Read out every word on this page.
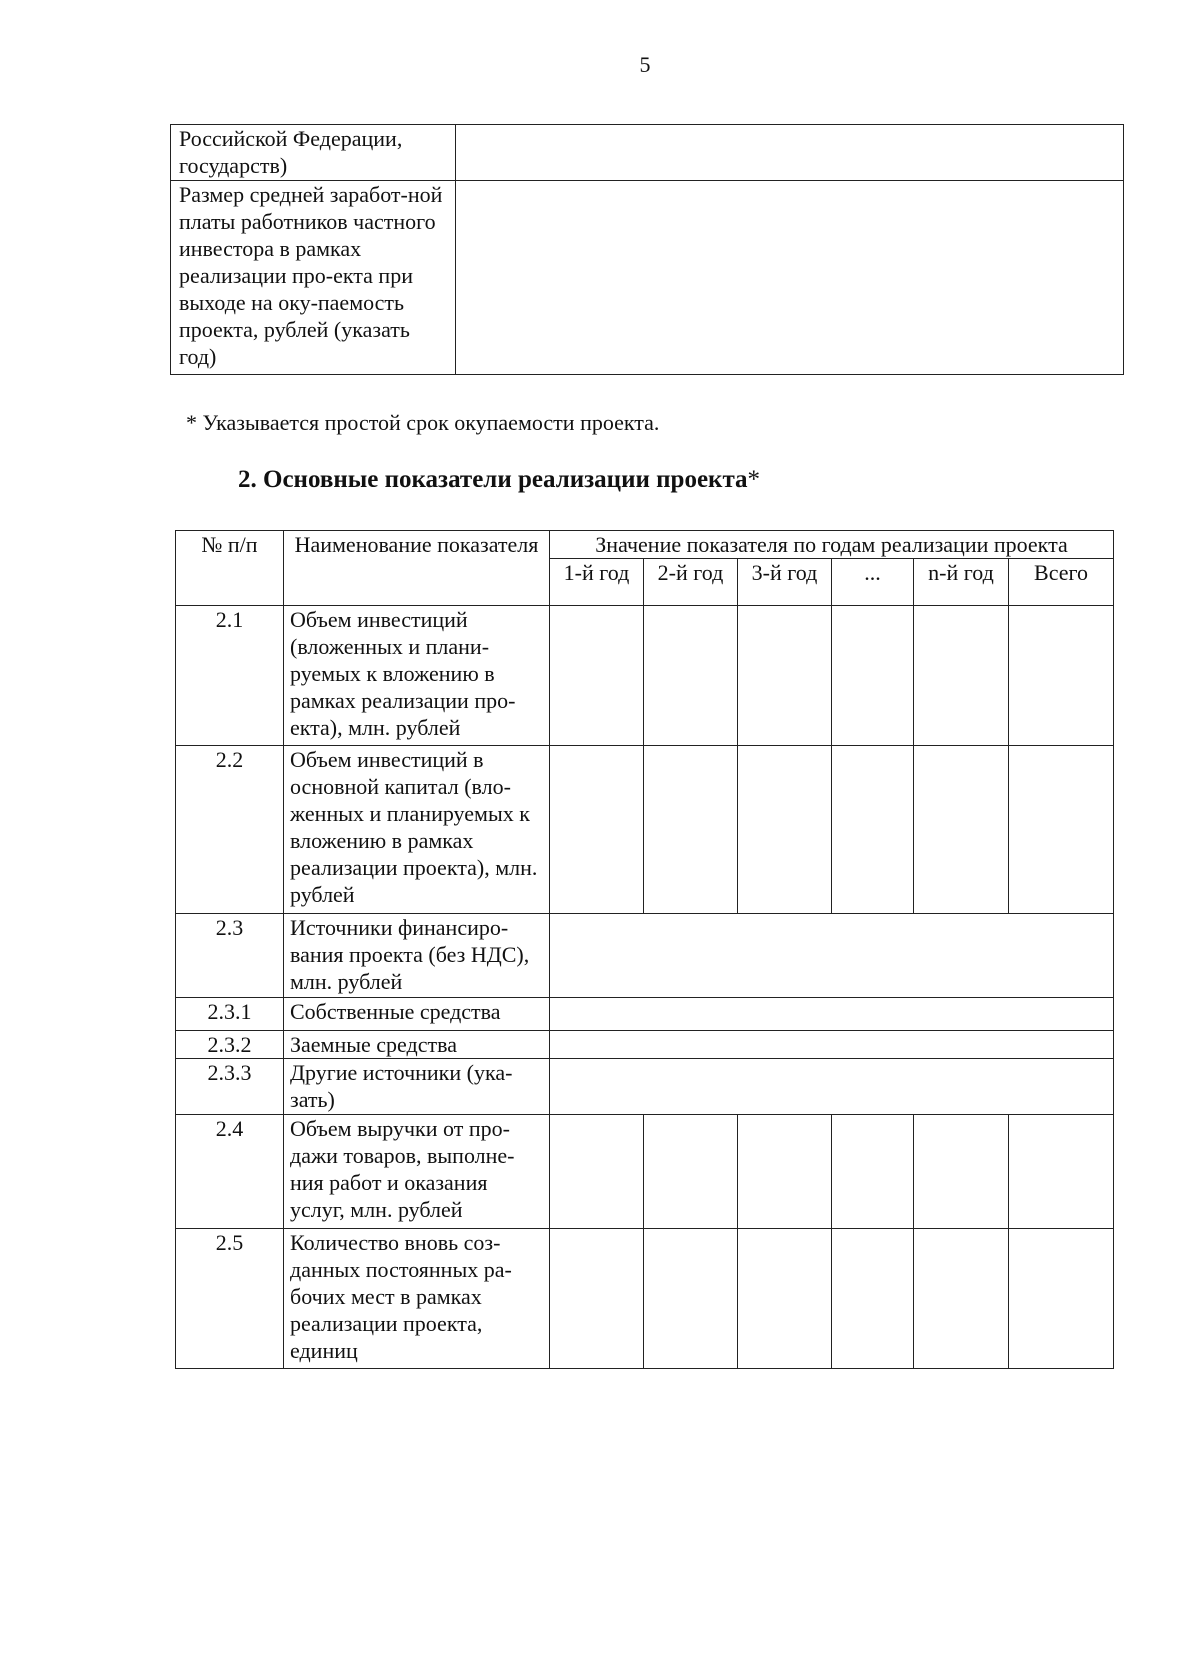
5
Российской Федерации, государств)	
Размер средней заработ-ной платы работников частного инвестора в рамках реализации про-екта при выходе на оку-паемость проекта, рублей (указать год)	
* Указывается простой срок окупаемости проекта.
2. Основные показатели реализации проекта*
№ п/п	Наименование показателя	Значение показателя по годам реализации проекта					
		1-й год	2-й год	3-й год	...	n-й год	Всего
2.1	Объем инвестиций (вложенных и плани-руемых к вложению в рамках реализации про-екта), млн. рублей						
2.2	Объем инвестиций в основной капитал (вло-женных и планируемых к вложению в рамках реализации проекта), млн. рублей						
2.3	Источники финансиро-вания проекта (без НДС), млн. рублей						
2.3.1	Собственные средства						
2.3.2	Заемные средства						
2.3.3	Другие источники (ука-зать)						
2.4	Объем выручки от про-дажи товаров, выполне-ния работ и оказания услуг, млн. рублей						
2.5	Количество вновь соз-данных постоянных ра-бочих мест в рамках реализации проекта, единиц						
